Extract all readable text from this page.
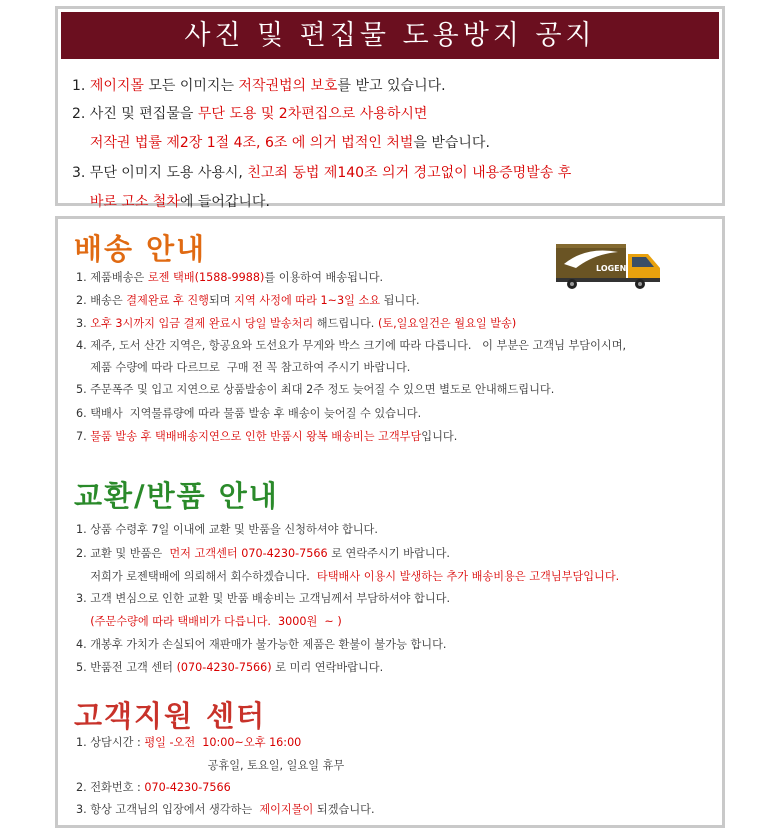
사진 및 편집물 도용방지 공지
1. 제이지몰 모든 이미지는 저작권법의 보호를 받고 있습니다.
2. 사진 및 편집물을 무단 도용 및 2차편집으로 사용하시면
저작권 법률 제2장 1절 4조, 6조 에 의거 법적인 처벌을 받습니다.
3. 무단 이미지 도용 사용시, 친고죄 동법 제140조 의거 경고없이 내용증명발송 후
바로 고소 철차에 들어갑니다.
배송 안내
LOGEN
1. 제품배송은 로젠 택배(1588-9988)를 이용하여 배송됩니다.
2. 배송은 결제완료 후 진행되며 지역 사정에 따라 1~3일 소요 됩니다.
3. 오후 3시까지 입금 결제 완료시 당일 발송처리 해드립니다. (토,일요일건은 월요일 발송)
4. 제주, 도서 산간 지역은, 항공요와 도선요가 무게와 박스 크기에 따라 다릅니다.   이 부분은 고객님 부담이시며,
제품 수량에 따라 다르므로  구매 전 꼭 참고하여 주시기 바랍니다.
5. 주문폭주 및 입고 지연으로 상품발송이 최대 2주 정도 늦어질 수 있으면 별도로 안내해드립니다.
6. 택배사  지역물류량에 따라 물품 발송 후 배송이 늦어질 수 있습니다.
7. 물품 발송 후 택배배송지연으로 인한 반품시 왕복 배송비는 고객부담입니다.
교환/반품 안내
1. 상품 수령후 7일 이내에 교환 및 반품을 신청하셔야 합니다.
2. 교환 및 반품은  먼저 고객센터 070-4230-7566 로 연락주시기 바랍니다.
저희가 로젠택배에 의뢰해서 회수하겠습니다.  타택배사 이용시 발생하는 추가 배송비용은 고객님부담입니다.
3. 고객 변심으로 인한 교환 및 반품 배송비는 고객님께서 부담하셔야 합니다.
(주문수량에 따라 택배비가 다릅니다.  3000원  ~ )
4. 개봉후 가치가 손실되어 재판매가 불가능한 제품은 환불이 불가능 합니다.
5. 반품전 고객 센터 (070-4230-7566) 로 미리 연락바랍니다.
고객지원 센터
1. 상담시간 : 평일 -오전  10:00~오후 16:00
공휴일, 토요일, 일요일 휴무
2. 전화번호 : 070-4230-7566
3. 항상 고객님의 입장에서 생각하는  제이지몰이 되겠습니다.
